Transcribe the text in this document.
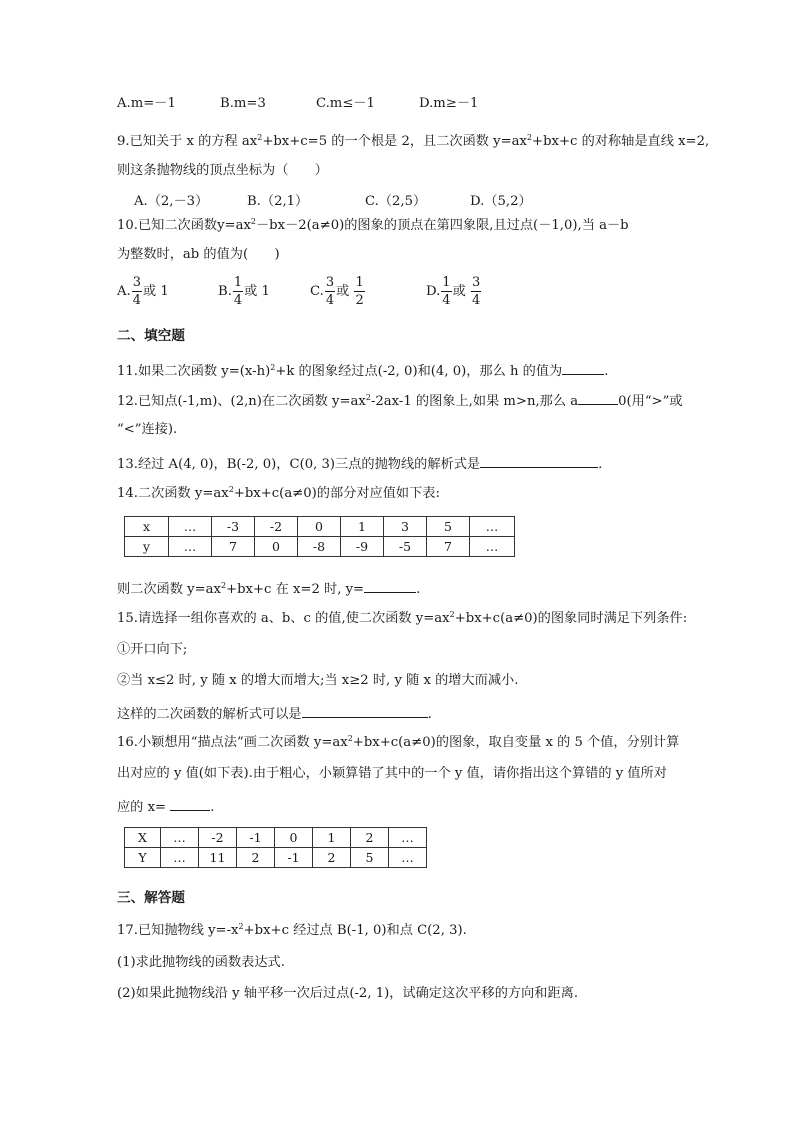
A.m=－1	B.m=3	C.m≤－1	D.m≥－1
9.已知关于 x 的方程 $ax^2+bx+c=5$ 的一个根是 2，且二次函数 $y=ax^2+bx+c$ 的对称轴是直线 x=2,
则这条抛物线的顶点坐标为（　　）
A.（2,－3）	B.（2,1）	C.（2,5）	D.（5,2）
10.已知二次函数$y=ax^2-bx-2(a\ne 0)$的图象的顶点在第四象限,且过点(－1,0),当 a－b
为整数时，ab 的值为(　　)
A. $\frac{3}{4}$ 或 1	B. $\frac{1}{4}$ 或 1	C. $\frac{3}{4}$ 或 $\frac{1}{2}$	D. $\frac{1}{4}$ 或 $\frac{3}{4}$
二、填空题
11.如果二次函数 $y=(x-h)^2+k$ 的图象经过点(-2, 0)和(4, 0)，那么 h 的值为	.
12.已知点(-1,m)、(2,n)在二次函数 $y=ax^2-2ax-1$ 的图象上,如果 m>n,那么 a	0(用“>”或
“<”连接).
13.经过 A(4, 0)，B(-2, 0)，C(0, 3)三点的抛物线的解析式是	.
14.二次函数 $y=ax^2+bx+c(a\ne 0)$的部分对应值如下表:
x	…	-3	-2	0	1	3	5	…
y	…	7	0	-8	-9	-5	7	…
则二次函数 $y=ax^2+bx+c$ 在 x=2 时, y=	.
15.请选择一组你喜欢的 a、b、c 的值,使二次函数 $y=ax^2+bx+c(a\ne 0)$的图象同时满足下列条件:
①开口向下;
②当 x≤2 时, y 随 x 的增大而增大;当 x≥2 时, y 随 x 的增大而减小.
这样的二次函数的解析式可以是	.
16.小颖想用“描点法”画二次函数 $y=ax^2+bx+c(a\ne 0)$的图象，取自变量 x 的 5 个值，分别计算
出对应的 y 值(如下表).由于粗心，小颖算错了其中的一个 y 值，请你指出这个算错的 y 值所对
应的 x=	.
X	…	-2	-1	0	1	2	…
Y	…	11	2	-1	2	5	…
三、解答题
17.已知抛物线 $y=-x^2+bx+c$ 经过点 B(-1, 0)和点 C(2, 3).
(1)求此抛物线的函数表达式.
(2)如果此抛物线沿 y 轴平移一次后过点(-2, 1)，试确定这次平移的方向和距离.
